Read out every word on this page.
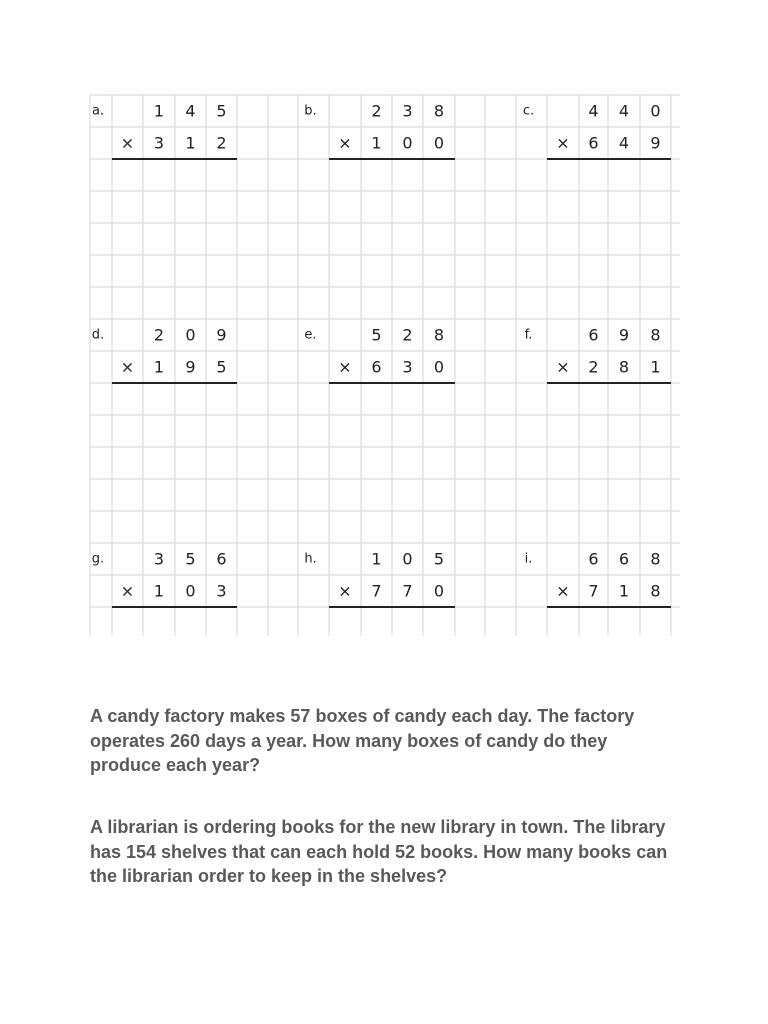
a.	1 4 5
× 3 1 2
b.	2 3 8
× 1 0 0
c.	4 4 0
× 6 4 9
d.	2 0 9
× 1 9 5
e.	5 2 8
× 6 3 0
f.	6 9 8
× 2 8 1
g.	3 5 6
× 1 0 3
h.	1 0 5
× 7 7 0
i.	6 6 8
× 7 1 8

A candy factory makes 57 boxes of candy each day. The factory operates 260 days a year. How many boxes of candy do they produce each year?

A librarian is ordering books for the new library in town. The library has 154 shelves that can each hold 52 books. How many books can the librarian order to keep in the shelves?
